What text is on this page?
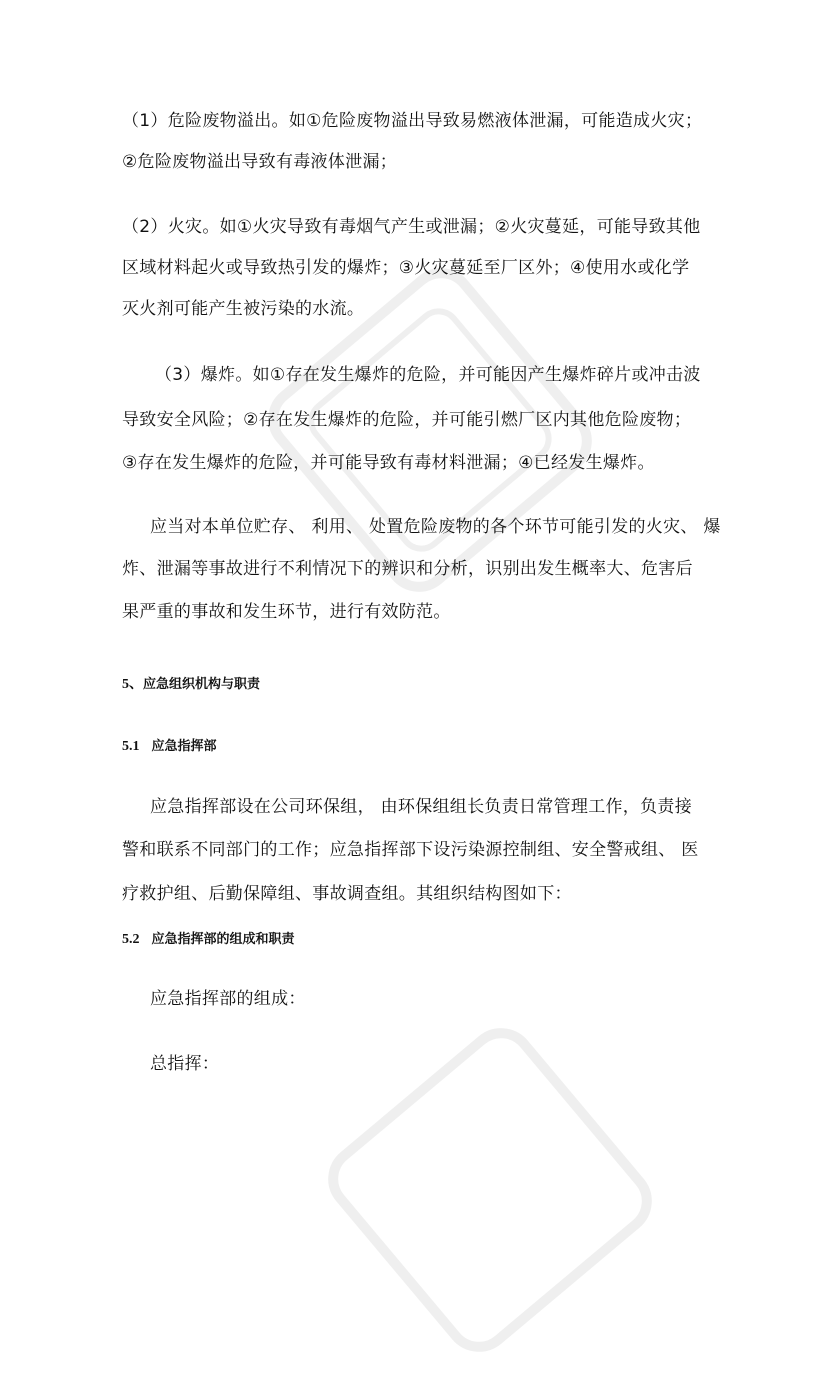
（1）危险废物溢出。如①危险废物溢出导致易燃液体泄漏，可能造成火灾；
②危险废物溢出导致有毒液体泄漏；
（2）火灾。如①火灾导致有毒烟气产生或泄漏；②火灾蔓延，可能导致其他
区域材料起火或导致热引发的爆炸；③火灾蔓延至厂区外；④使用水或化学
灭火剂可能产生被污染的水流。
（3）爆炸。如①存在发生爆炸的危险，并可能因产生爆炸碎片或冲击波
导致安全风险；②存在发生爆炸的危险，并可能引燃厂区内其他危险废物；
③存在发生爆炸的危险，并可能导致有毒材料泄漏；④已经发生爆炸。
应当对本单位贮存、 利用、 处置危险废物的各个环节可能引发的火灾、 爆
炸、泄漏等事故进行不利情况下的辨识和分析，识别出发生概率大、危害后
果严重的事故和发生环节，进行有效防范。
5、应急组织机构与职责
5.1 应急指挥部
应急指挥部设在公司环保组， 由环保组组长负责日常管理工作，负责接
警和联系不同部门的工作；应急指挥部下设污染源控制组、安全警戒组、 医
疗救护组、后勤保障组、事故调查组。其组织结构图如下：
5.2 应急指挥部的组成和职责
应急指挥部的组成：
总指挥：
